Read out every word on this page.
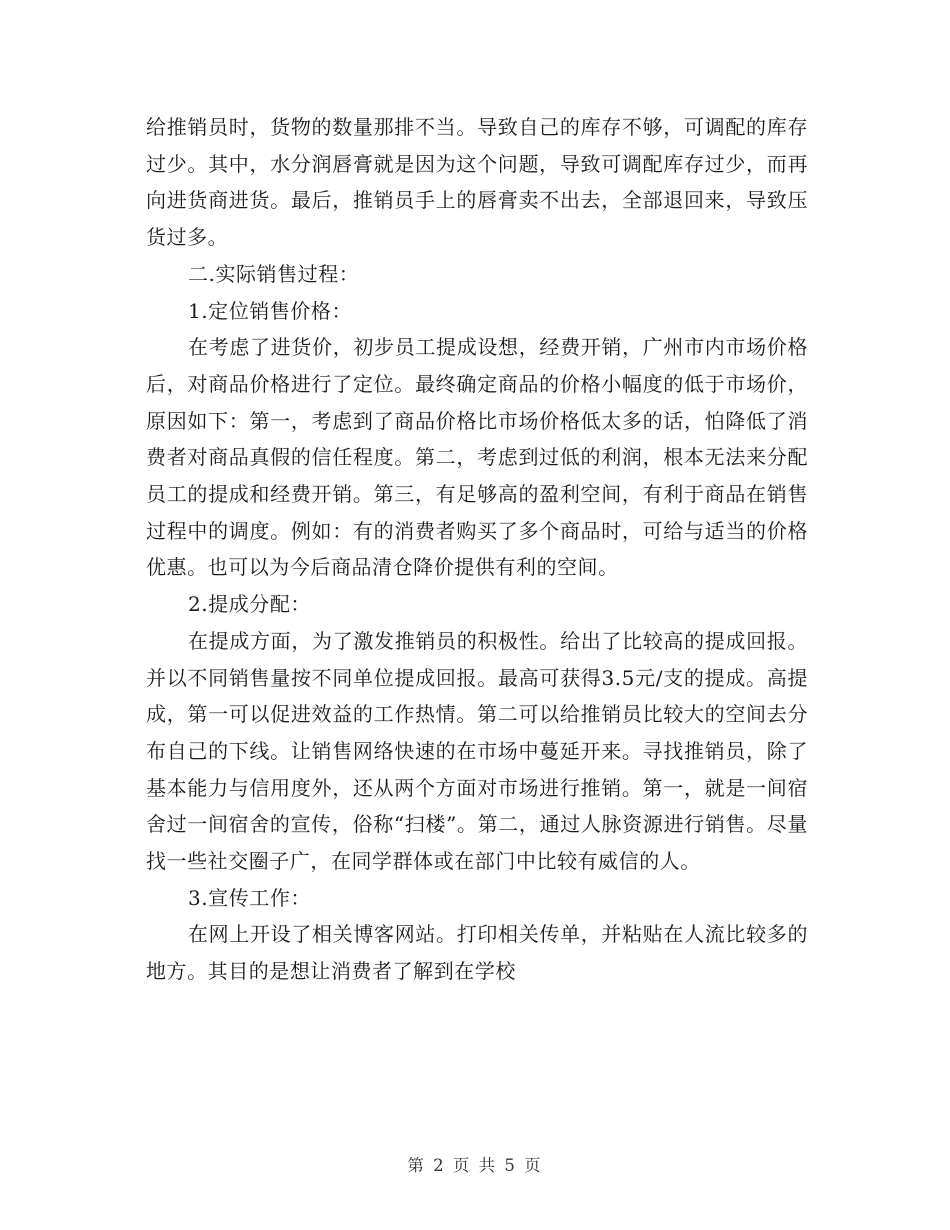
给推销员时，货物的数量那排不当。导致自己的库存不够，可调配的库存过少。其中，水分润唇膏就是因为这个问题，导致可调配库存过少，而再向进货商进货。最后，推销员手上的唇膏卖不出去，全部退回来，导致压货过多。

二.实际销售过程：

1.定位销售价格：

在考虑了进货价，初步员工提成设想，经费开销，广州市内市场价格后，对商品价格进行了定位。最终确定商品的价格小幅度的低于市场价，原因如下：第一，考虑到了商品价格比市场价格低太多的话，怕降低了消费者对商品真假的信任程度。第二，考虑到过低的利润，根本无法来分配员工的提成和经费开销。第三，有足够高的盈利空间，有利于商品在销售过程中的调度。例如：有的消费者购买了多个商品时，可给与适当的价格优惠。也可以为今后商品清仓降价提供有利的空间。

2.提成分配：

在提成方面，为了激发推销员的积极性。给出了比较高的提成回报。并以不同销售量按不同单位提成回报。最高可获得3.5元/支的提成。高提成，第一可以促进效益的工作热情。第二可以给推销员比较大的空间去分布自己的下线。让销售网络快速的在市场中蔓延开来。寻找推销员，除了基本能力与信用度外，还从两个方面对市场进行推销。第一，就是一间宿舍过一间宿舍的宣传，俗称“扫楼”。第二，通过人脉资源进行销售。尽量找一些社交圈子广，在同学群体或在部门中比较有威信的人。

3.宣传工作：

在网上开设了相关博客网站。打印相关传单，并粘贴在人流比较多的地方。其目的是想让消费者了解到在学校

第 2 页 共 5 页
